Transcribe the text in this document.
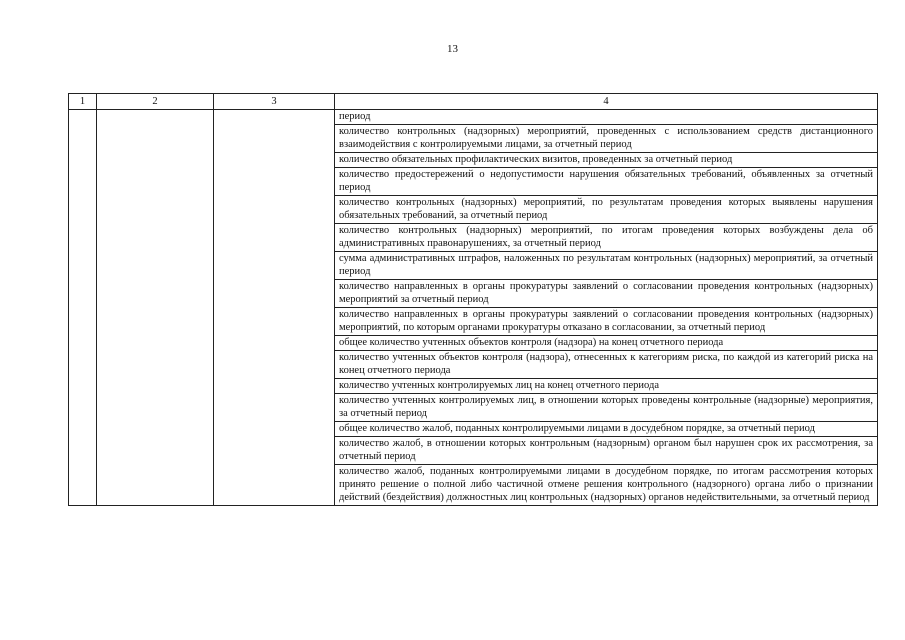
13
1	2	3	4
			период
			количество контрольных (надзорных) мероприятий, проведенных с использованием средств дистанционного взаимодействия с контролируемыми лицами, за отчетный период
			количество обязательных профилактических визитов, проведенных за отчетный период
			количество предостережений о недопустимости нарушения обязательных требований, объявленных за отчетный период
			количество контрольных (надзорных) мероприятий, по результатам проведения которых выявлены нарушения обязательных требований, за отчетный период
			количество контрольных (надзорных) мероприятий, по итогам проведения которых возбуждены дела об административных правонарушениях, за отчетный период
			сумма административных штрафов, наложенных по результатам контрольных (надзорных) мероприятий, за отчетный период
			количество направленных в органы прокуратуры заявлений о согласовании проведения контрольных (надзорных) мероприятий за отчетный период
			количество направленных в органы прокуратуры заявлений о согласовании проведения контрольных (надзорных) мероприятий, по которым органами прокуратуры отказано в согласовании, за отчетный период
			общее количество учтенных объектов контроля (надзора) на конец отчетного периода
			количество учтенных объектов контроля (надзора), отнесенных к категориям риска, по каждой из категорий риска на конец отчетного периода
			количество учтенных контролируемых лиц на конец отчетного периода
			количество учтенных контролируемых лиц, в отношении которых проведены контрольные (надзорные) мероприятия, за отчетный период
			общее количество жалоб, поданных контролируемыми лицами в досудебном порядке, за отчетный период
			количество жалоб, в отношении которых контрольным (надзорным) органом был нарушен срок их рассмотрения, за отчетный период
			количество жалоб, поданных контролируемыми лицами в досудебном порядке, по итогам рассмотрения которых принято решение о полной либо частичной отмене решения контрольного (надзорного) органа либо о признании действий (бездействия) должностных лиц контрольных (надзорных) органов недействительными, за отчетный период
